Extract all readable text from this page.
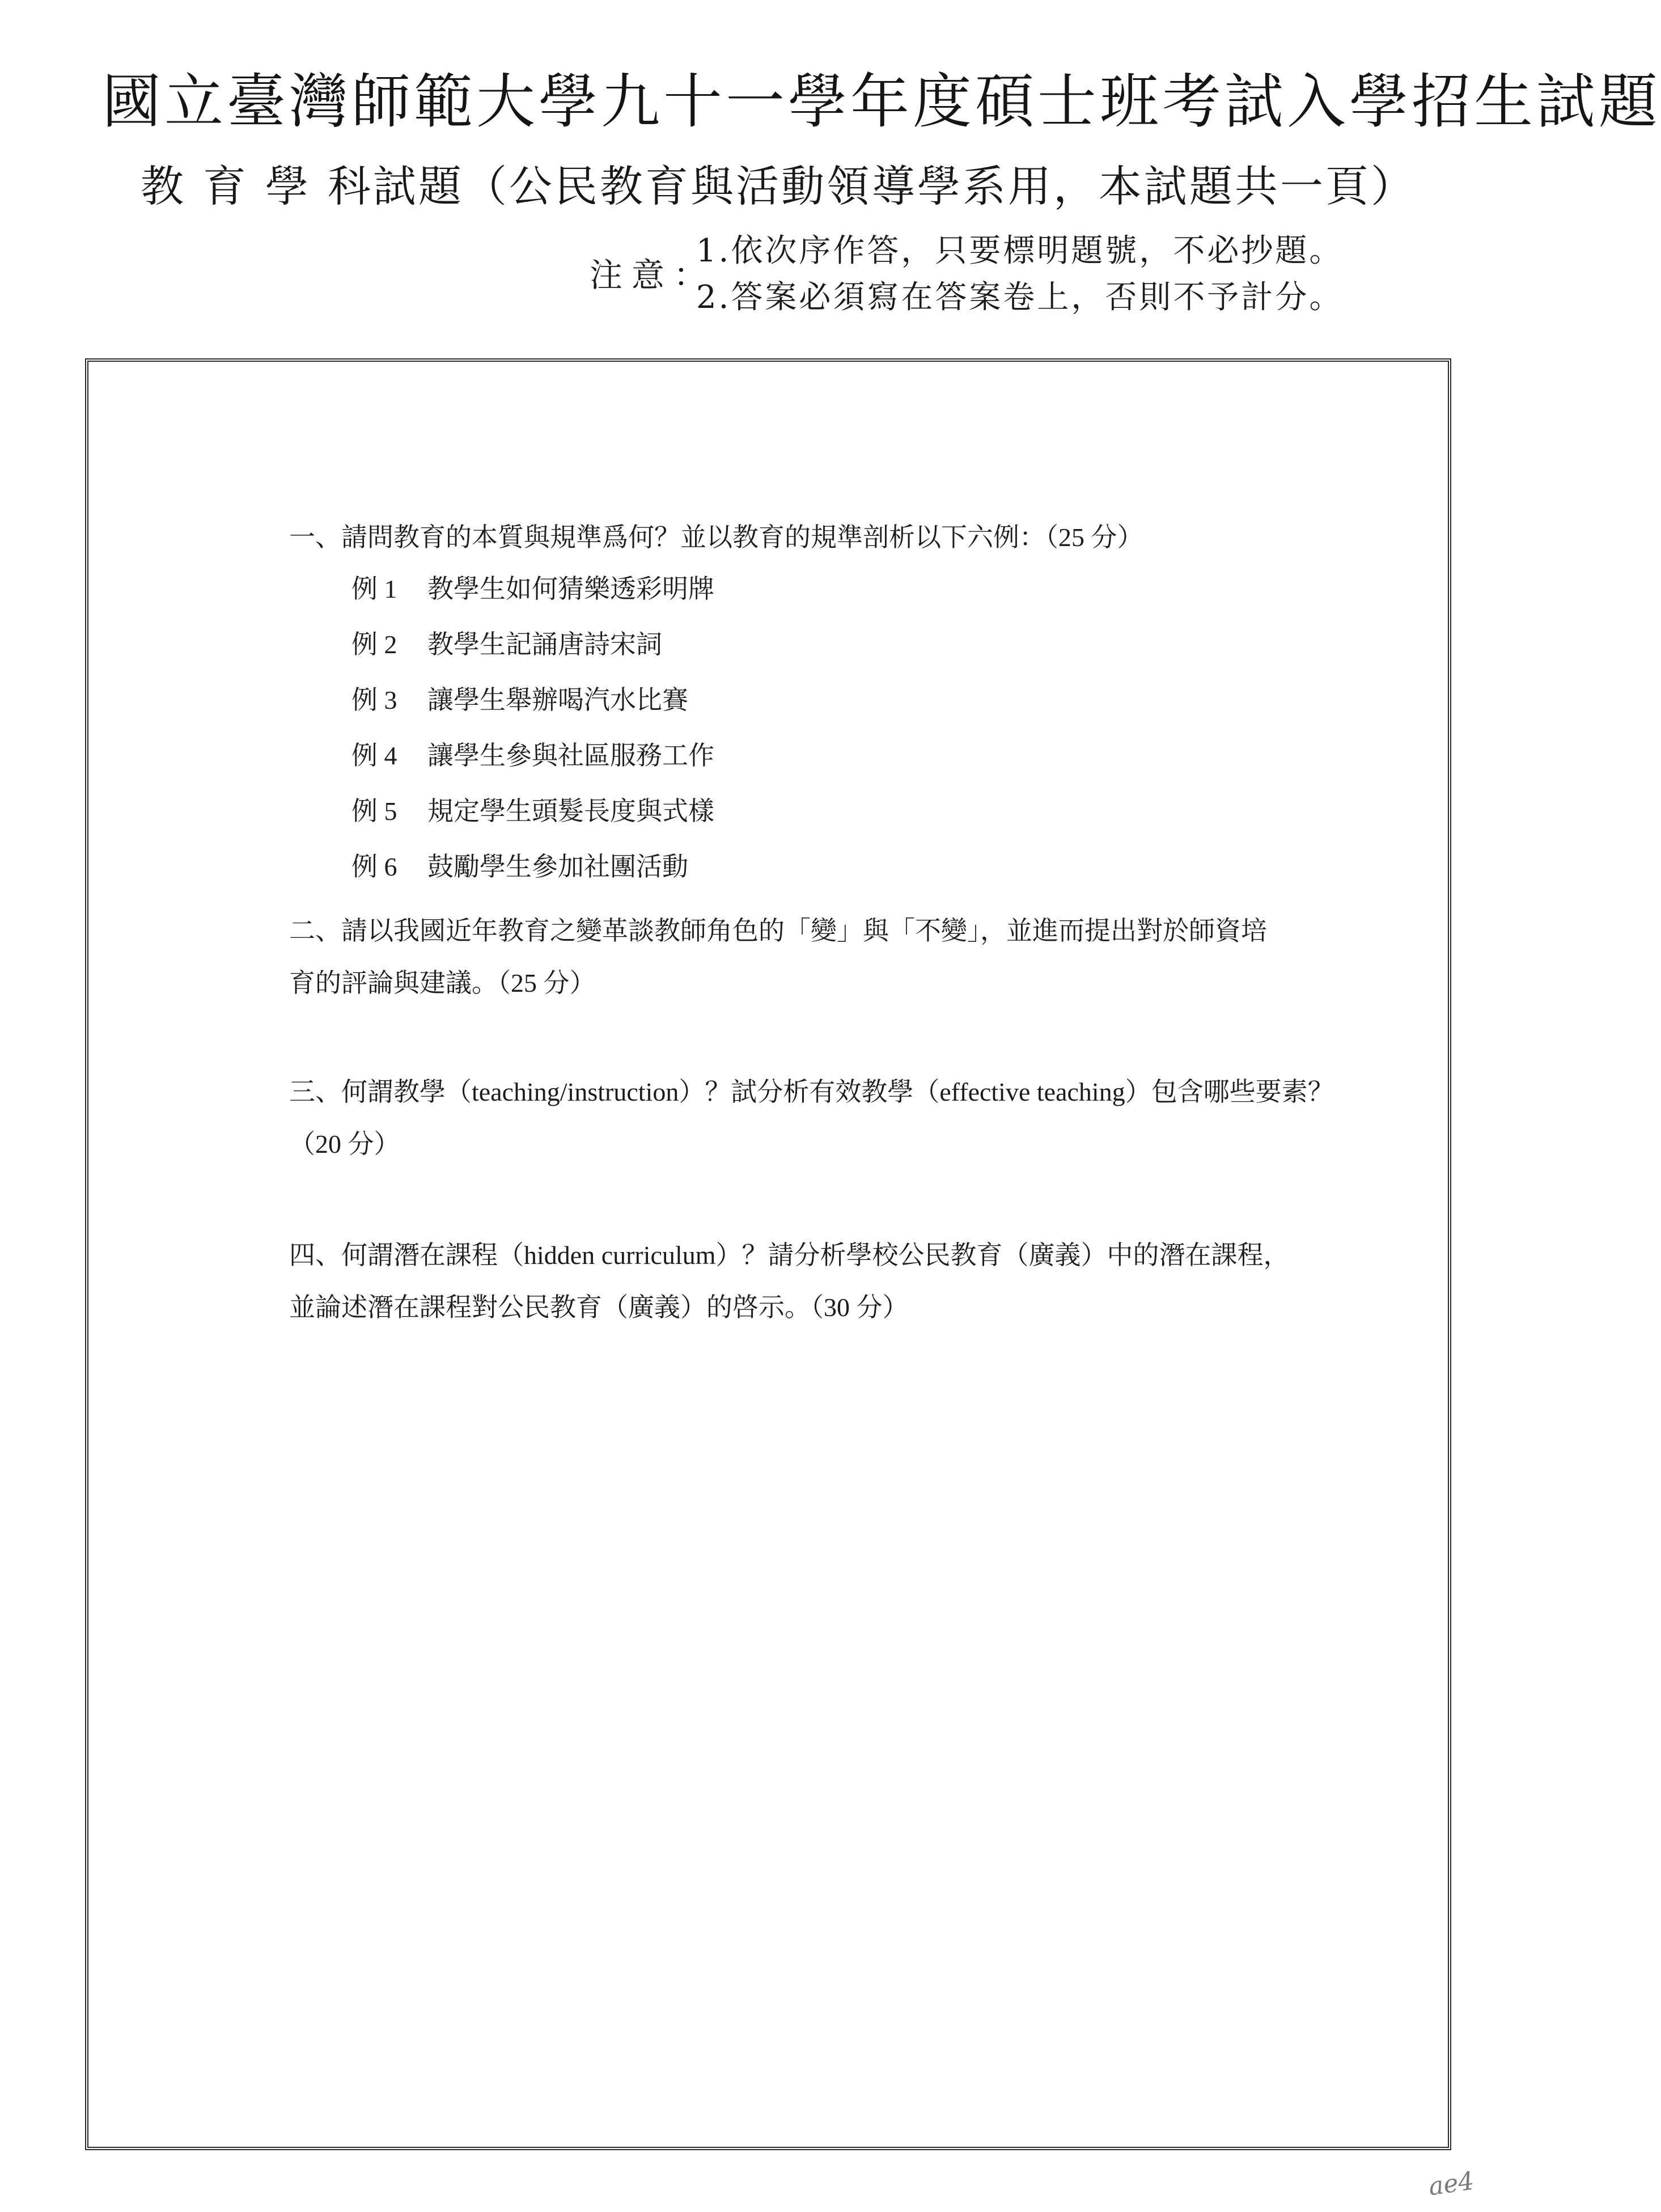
國立臺灣師範大學九十一學年度碩士班考試入學招生試題
教育學 科試題（公民教育與活動領導學系用，本試題共一頁）
注意：
1.依次序作答，只要標明題號，不必抄題。
2.答案必須寫在答案卷上，否則不予計分。
一、請問教育的本質與規準爲何？並以教育的規準剖析以下六例：（25 分）
例 1 教學生如何猜樂透彩明牌
例 2 教學生記誦唐詩宋詞
例 3 讓學生舉辦喝汽水比賽
例 4 讓學生參與社區服務工作
例 5 規定學生頭髮長度與式樣
例 6 鼓勵學生參加社團活動
二、請以我國近年教育之變革談教師角色的「變」與「不變」，並進而提出對於師資培
育的評論與建議。（25 分）
三、何謂教學（teaching/instruction）？試分析有效教學（effective teaching）包含哪些要素？
（20 分）
四、何謂潛在課程（hidden curriculum）？請分析學校公民教育（廣義）中的潛在課程，
並論述潛在課程對公民教育（廣義）的啓示。（30 分）
ae4
